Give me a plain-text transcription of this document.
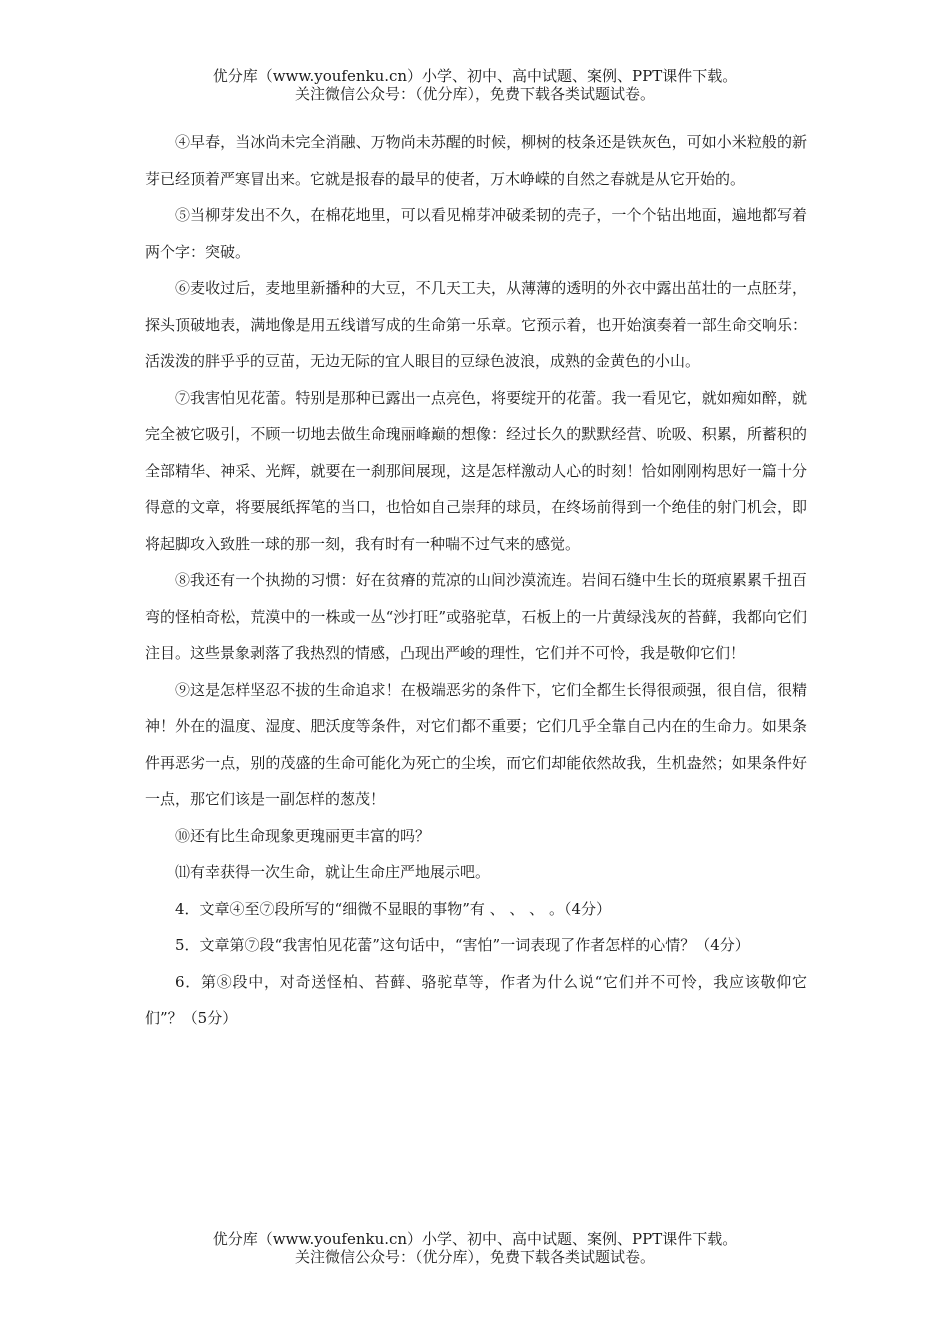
优分库（www.youfenku.cn）小学、初中、高中试题、案例、PPT课件下载。
关注微信公众号：（优分库），免费下载各类试题试卷。

④早春，当冰尚未完全消融、万物尚未苏醒的时候，柳树的枝条还是铁灰色，可如小米粒般的新芽已经顶着严寒冒出来。它就是报春的最早的使者，万木峥嵘的自然之春就是从它开始的。

⑤当柳芽发出不久，在棉花地里，可以看见棉芽冲破柔韧的壳子，一个个钻出地面，遍地都写着两个字：突破。

⑥麦收过后，麦地里新播种的大豆，不几天工夫，从薄薄的透明的外衣中露出茁壮的一点胚芽，探头顶破地表，满地像是用五线谱写成的生命第一乐章。它预示着，也开始演奏着一部生命交响乐：活泼泼的胖乎乎的豆苗，无边无际的宜人眼目的豆绿色波浪，成熟的金黄色的小山。

⑦我害怕见花蕾。特别是那种已露出一点亮色，将要绽开的花蕾。我一看见它，就如痴如醉，就完全被它吸引，不顾一切地去做生命瑰丽峰巅的想像：经过长久的默默经营、吮吸、积累，所蓄积的全部精华、神采、光辉，就要在一刹那间展现，这是怎样激动人心的时刻！恰如刚刚构思好一篇十分得意的文章，将要展纸挥笔的当口，也恰如自己崇拜的球员，在终场前得到一个绝佳的射门机会，即将起脚攻入致胜一球的那一刻，我有时有一种喘不过气来的感觉。

⑧我还有一个执拗的习惯：好在贫瘠的荒凉的山间沙漠流连。岩间石缝中生长的斑痕累累千扭百弯的怪柏奇松，荒漠中的一株或一丛“沙打旺”或骆驼草，石板上的一片黄绿浅灰的苔藓，我都向它们注目。这些景象剥落了我热烈的情感，凸现出严峻的理性，它们并不可怜，我是敬仰它们！

⑨这是怎样坚忍不拔的生命追求！在极端恶劣的条件下，它们全都生长得很顽强，很自信，很精神！外在的温度、湿度、肥沃度等条件，对它们都不重要；它们几乎全靠自己内在的生命力。如果条件再恶劣一点，别的茂盛的生命可能化为死亡的尘埃，而它们却能依然故我，生机盎然；如果条件好一点，那它们该是一副怎样的葱茂！

⑩还有比生命现象更瑰丽更丰富的吗？

⑾有幸获得一次生命，就让生命庄严地展示吧。

4．文章④至⑦段所写的“细微不显眼的事物”有 、 、 、 。（4分）

5．文章第⑦段“我害怕见花蕾”这句话中，“害怕”一词表现了作者怎样的心情？（4分）

6．第⑧段中，对奇送怪柏、苔藓、骆驼草等，作者为什么说“它们并不可怜，我应该敬仰它们”？（5分）

优分库（www.youfenku.cn）小学、初中、高中试题、案例、PPT课件下载。
关注微信公众号：（优分库），免费下载各类试题试卷。
